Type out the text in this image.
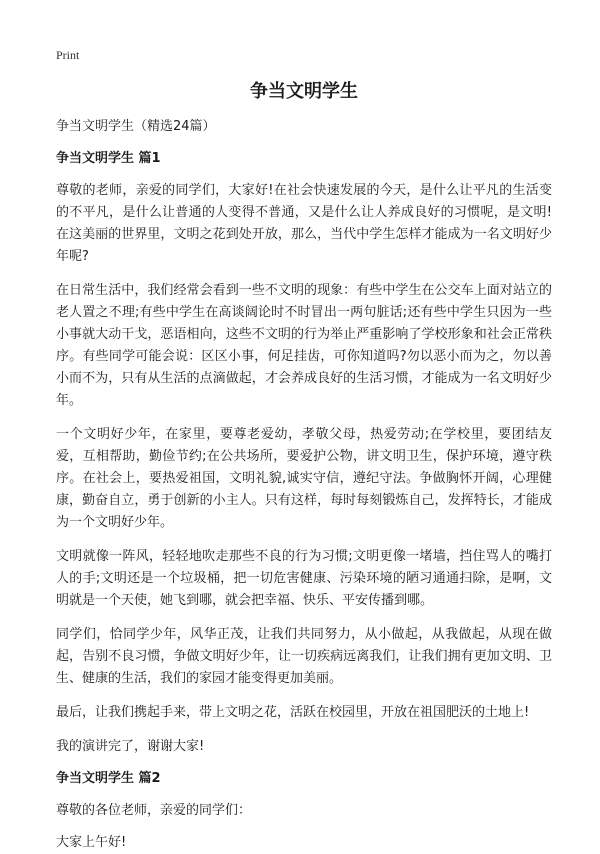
Print
争当文明学生
争当文明学生（精选24篇）
争当文明学生 篇1

尊敬的老师，亲爱的同学们，大家好!在社会快速发展的今天，是什么让平凡的生活变的不平凡，是什么让普通的人变得不普通，又是什么让人养成良好的习惯呢，是文明!在这美丽的世界里，文明之花到处开放，那么，当代中学生怎样才能成为一名文明好少年呢?

在日常生活中，我们经常会看到一些不文明的现象：有些中学生在公交车上面对站立的老人置之不理;有些中学生在高谈阔论时不时冒出一两句脏话;还有些中学生只因为一些小事就大动干戈，恶语相向，这些不文明的行为举止严重影响了学校形象和社会正常秩序。有些同学可能会说：区区小事，何足挂齿，可你知道吗?勿以恶小而为之，勿以善小而不为，只有从生活的点滴做起，才会养成良好的生活习惯，才能成为一名文明好少年。

一个文明好少年，在家里，要尊老爱幼，孝敬父母，热爱劳动;在学校里，要团结友爱，互相帮助，勤俭节约;在公共场所，要爱护公物，讲文明卫生，保护环境，遵守秩序。在社会上，要热爱祖国，文明礼貌,诚实守信，遵纪守法。争做胸怀开阔，心理健康，勤奋自立，勇于创新的小主人。只有这样，每时每刻锻炼自己，发挥特长，才能成为一个文明好少年。

文明就像一阵风，轻轻地吹走那些不良的行为习惯;文明更像一堵墙，挡住骂人的嘴打人的手;文明还是一个垃圾桶，把一切危害健康、污染环境的陋习通通扫除，是啊，文明就是一个天使，她飞到哪，就会把幸福、快乐、平安传播到哪。

同学们，恰同学少年，风华正茂，让我们共同努力，从小做起，从我做起，从现在做起，告别不良习惯，争做文明好少年，让一切疾病远离我们，让我们拥有更加文明、卫生、健康的生活，我们的家园才能变得更加美丽。

最后，让我们携起手来，带上文明之花，活跃在校园里，开放在祖国肥沃的土地上!

我的演讲完了，谢谢大家!

争当文明学生 篇2

尊敬的各位老师，亲爱的同学们：

大家上午好!
